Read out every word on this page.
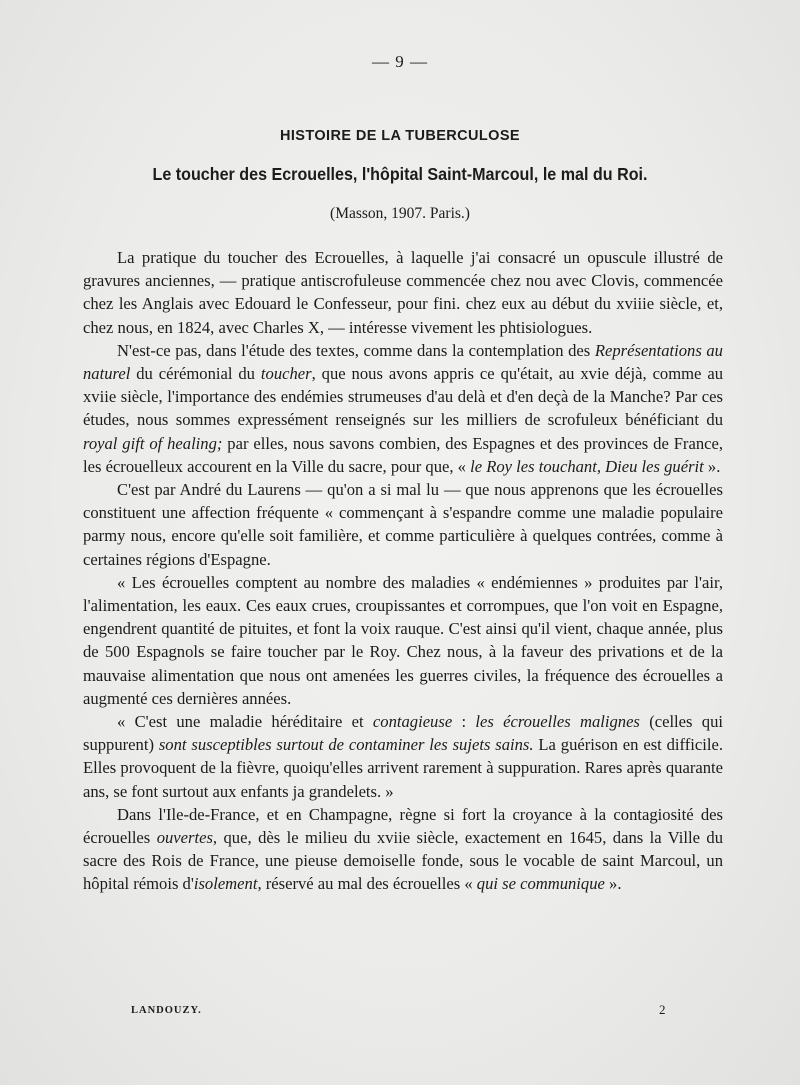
— 9 —
HISTOIRE DE LA TUBERCULOSE
Le toucher des Ecrouelles, l'hôpital Saint-Marcoul, le mal du Roi.
(Masson, 1907. Paris.)

La pratique du toucher des Ecrouelles, à laquelle j'ai consacré un opuscule illustré de gravures anciennes, — pratique antiscrofuleuse commencée chez nou avec Clovis, commencée chez les Anglais avec Edouard le Confesseur, pour fini. chez eux au début du xviiie siècle, et, chez nous, en 1824, avec Charles X, — intéresse vivement les phtisiologues.

N'est-ce pas, dans l'étude des textes, comme dans la contemplation des Représentations au naturel du cérémonial du toucher, que nous avons appris ce qu'était, au xvie déjà, comme au xviie siècle, l'importance des endémies strumeuses d'au delà et d'en deçà de la Manche? Par ces études, nous sommes expressément renseignés sur les milliers de scrofuleux bénéficiant du royal gift of healing; par elles, nous savons combien, des Espagnes et des provinces de France, les écrouelleux accourent en la Ville du sacre, pour que, « le Roy les touchant, Dieu les guérit ».

C'est par André du Laurens — qu'on a si mal lu — que nous apprenons que les écrouelles constituent une affection fréquente « commençant à s'espandre comme une maladie populaire parmy nous, encore qu'elle soit familière, et comme particulière à quelques contrées, comme à certaines régions d'Espagne.

« Les écrouelles comptent au nombre des maladies « endémiennes » produites par l'air, l'alimentation, les eaux. Ces eaux crues, croupissantes et corrompues, que l'on voit en Espagne, engendrent quantité de pituites, et font la voix rauque. C'est ainsi qu'il vient, chaque année, plus de 500 Espagnols se faire toucher par le Roy. Chez nous, à la faveur des privations et de la mauvaise alimentation que nous ont amenées les guerres civiles, la fréquence des écrouelles a augmenté ces dernières années.

« C'est une maladie héréditaire et contagieuse : les écrouelles malignes (celles qui suppurent) sont susceptibles surtout de contaminer les sujets sains. La guérison en est difficile. Elles provoquent de la fièvre, quoiqu'elles arrivent rarement à suppuration. Rares après quarante ans, se font surtout aux enfants ja grandelets. »

Dans l'Ile-de-France, et en Champagne, règne si fort la croyance à la contagiosité des écrouelles ouvertes, que, dès le milieu du xviie siècle, exactement en 1645, dans la Ville du sacre des Rois de France, une pieuse demoiselle fonde, sous le vocable de saint Marcoul, un hôpital rémois d'isolement, réservé au mal des écrouelles « qui se communique ».

LANDOUZY.	2
